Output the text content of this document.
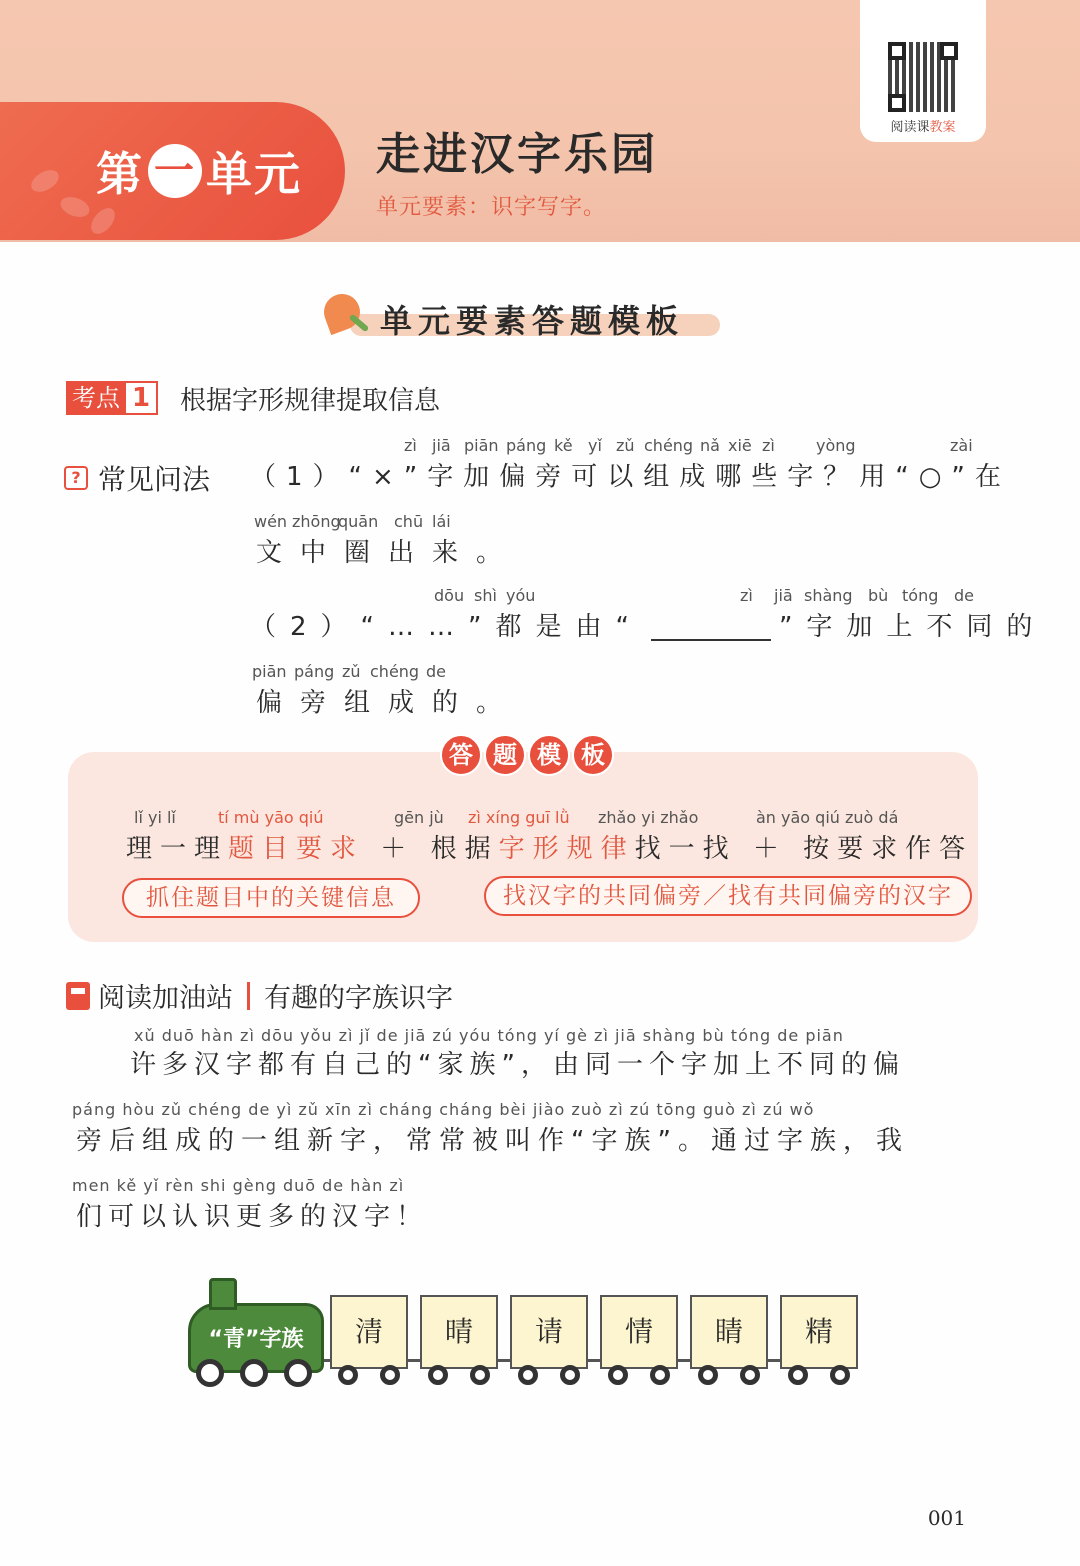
第 一 单元 走进汉字乐园
单元要素：识字写字。
阅读课教案
单元要素答题模板
考点 1	根据字形规律提取信息
? 常见问法
zì jiā piān páng kě yǐ zǔ chéng nǎ xiē zì	yòng	zài
（1）“×”字加偏旁可以组成哪些字？用“○”在
wén zhōng
quān chū lái
文中圈出来。
dōu shì yóu	zì jiā shàng bù tóng de
（2）“……”都是由“	”字加上不同的
piān páng zǔ chéng de
偏旁组成的。
答 题 模 板
lǐ yi lǐ	tí mù yāo qiú	gēn jù zì xíng guī lǜ zhǎo yi zhǎo	àn yāo qiú zuò dá
理一理题目要求 ＋ 根据字形规律找一找 ＋ 按要求作答
抓住题目中的关键信息	找汉字的共同偏旁／找有共同偏旁的汉字
阅读加油站 有趣的字族识字
xǔ duō hàn zì dōu yǒu zì jǐ de jiā zú yóu tóng yí gè zì jiā shàng bù tóng de piān
许多汉字都有自己的“家族”，由同一个字加上不同的偏
páng hòu zǔ chéng de yì zǔ xīn zì cháng cháng bèi jiào zuò zì zú tōng guò zì zú wǒ
旁后组成的一组新字，常常被叫作“字族”。通过字族，我
men kě yǐ rèn shi gèng duō de hàn zì
们可以认识更多的汉字！
“青”字族	清	晴	请	情	睛	精
001
